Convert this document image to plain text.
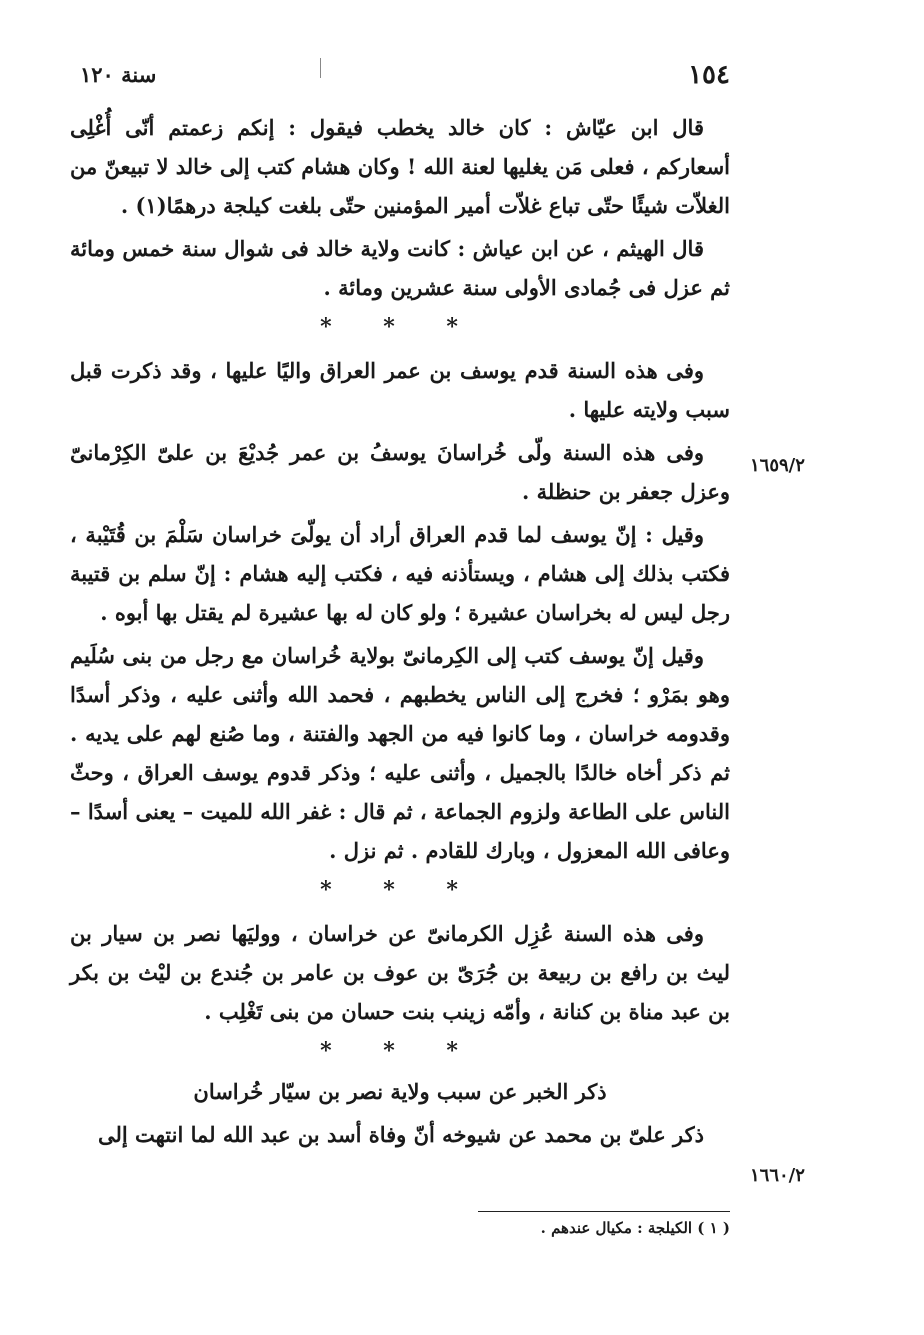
١٥٤
سنة ١٢٠

قال ابن عيّاش : كان خالد يخطب فيقول : إنكم زعمتم أنّى أُغْلِى أسعاركم ، فعلى مَن يغليها لعنة الله ! وكان هشام كتب إلى خالد لا تبيعنّ من الغلاّت شيئًا حتّى تباع غلاّت أمير المؤمنين حتّى بلغت كيلجة درهمًا(١) .

قال الهيثم ، عن ابن عياش : كانت ولاية خالد فى شوال سنة خمس ومائة ثم عزل فى جُمادى الأولى سنة عشرين ومائة .

* * *

وفى هذه السنة قدم يوسف بن عمر العراق واليًا عليها ، وقد ذكرت قبل سبب ولايته عليها .

وفى هذه السنة ولّى خُراسانَ يوسفُ بن عمر جُديْعَ بن علىّ الكِرْمانىّ وعزل جعفر بن حنظلة .

وقيل : إنّ يوسف لما قدم العراق أراد أن يولّىَ خراسان سَلْمَ بن قُتَيْبة ، فكتب بذلك إلى هشام ، ويستأذنه فيه ، فكتب إليه هشام : إنّ سلم بن قتيبة رجل ليس له بخراسان عشيرة ؛ ولو كان له بها عشيرة لم يقتل بها أبوه .

وقيل إنّ يوسف كتب إلى الكِرمانىّ بولاية خُراسان مع رجل من بنى سُلَيم وهو بمَرْو ؛ فخرج إلى الناس يخطبهم ، فحمد الله وأثنى عليه ، وذكر أسدًا وقدومه خراسان ، وما كانوا فيه من الجهد والفتنة ، وما صُنع لهم على يديه . ثم ذكر أخاه خالدًا بالجميل ، وأثنى عليه ؛ وذكر قدوم يوسف العراق ، وحثّ الناس على الطاعة ولزوم الجماعة ، ثم قال : غفر الله للميت – يعنى أسدًا – وعافى الله المعزول ، وبارك للقادم . ثم نزل .

* * *

وفى هذه السنة عُزِل الكرمانىّ عن خراسان ، ووليَها نصر بن سيار بن ليث بن رافع بن ربيعة بن جُرَىّ بن عوف بن عامر بن جُندع بن ليْث بن بكر بن عبد مناة بن كنانة ، وأمّه زينب بنت حسان من بنى تَغْلِب .

* * *
ذكر الخبر عن سبب ولاية نصر بن سيّار خُراسان

ذكر علىّ بن محمد عن شيوخه أنّ وفاة أسد بن عبد الله لما انتهت إلى

١٦٥٩/٢
١٦٦٠/٢
( ١ ) الكيلجة : مكيال عندهم .
